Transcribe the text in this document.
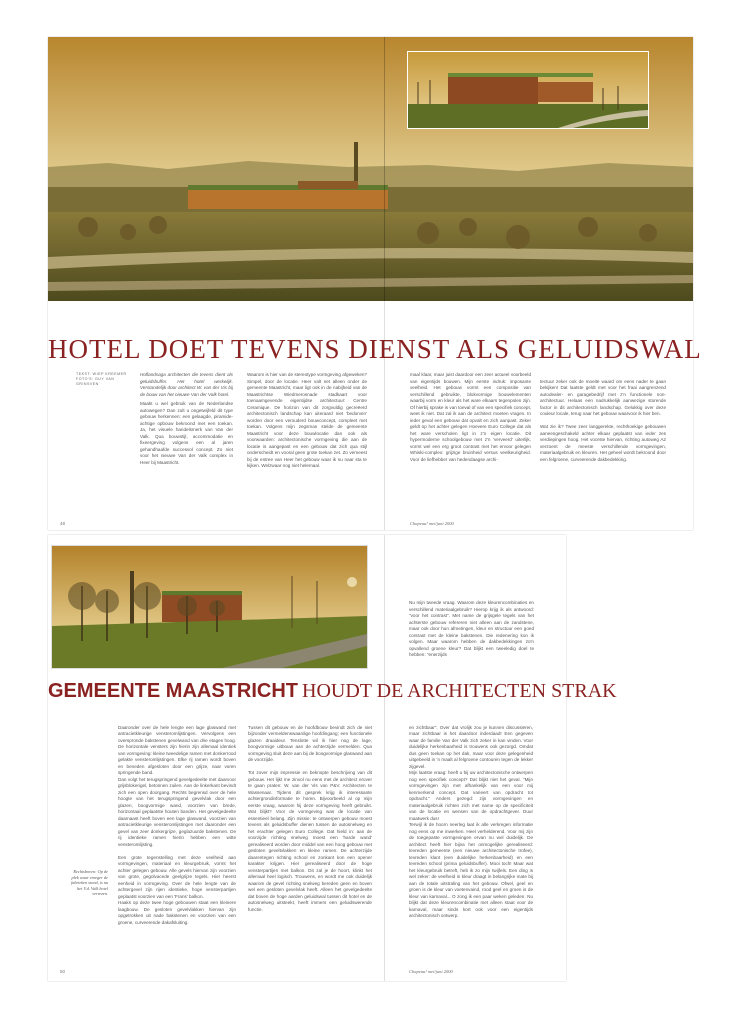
HOTEL DOET TEVENS DIENST ALS GELUIDSWAL
TEKST: WIEP KREEMER
FOTO'S: GUY VAN GRINSVEN

Hoflandsaga architecten die tevens dient als geluidsbuffer. Het hotel werkelijk. Verstandelijk door architect W. van der Vis bij de bouw van het nieuwe Van der Valk hotel.

Maakt u wel gebruik van de Nederlandse autowegen? Dan zult u ongetwijfeld dit type gebouw herkennen: een gelaagde, piramide-achtige opbouw bekroond met een toekan. Ja, het visuele handelsmerk van Van der Valk. Qua bouwstijl, accommodatie en fixeergeving volgens een al jaren gehandhaafde succesvol concept. Zo niet voor het nieuwe Van der Valk complex in Heer bij Maastricht.

Waarom is hier van de stereotype vormgeving afgeweken? Simpel, door de locatie. Heer valt net alleen onder de gemeente Maastricht, maar ligt ook in de nabijheid van de Maastrichtse Wiedmerosnade stadkaart voor toenaamgevende eigentijdse architectuur: Centre Ceramique. De horizon van dit zorgvuldig gecreëerd architectonisch landschap kan uiteraard niet 'bedorven' worden door een verouderd bouwconcept, compleet met toekan. Volgens mijn zegsman stelde de gemeente Maastricht voor deze bouwlocatie dan ook als voorwaarden: architectonische vormgeving die aan de locatie is aangepast en een gebouw dat zich qua stijl onderscheidt en vooral geen grote toekan zet. Zo verneest bij de entree van Heer het gebouw waar ik nu naar sta te kijken. Welzwaar nog niet helemaal.

maal klaar, maar juist daardoor een zeer actueel voorbeeld van eigentijds bouwen. Mijn eerste indruk: imposante veelheid. Het gebouw vormt een compositie van verschillend gebruikte, blokvormige bouwelementen waarbij vorm en kleur als het ware elkaars tegenpolen zijn. Of hierbij sprake is van toeval of van een specifiek concept, weet ik niet. Dat zal ik aan de architect moeten vragen. In ieder geval een gebouw dat opvalt en zich aanpast. Zeker geldt op het achter gelegen Hoevere Euro College dat als het ware verscholen ligt in z'n eigen locatie. Dit hypermoderne schoolgebouw met z'n 'verveerd' uiterlijk, vormt wel een erg groot contrast met het ervoor gelegen Whiski-complex: grijzige bruinheid versus veelkeurigheid. Voor de liefhebber van hedendaagse archi-

tectuur zeker ook de moeite waard om eens nader te gaan bekijken! Dat laatste geldt met voor het fraai aangrenzend autodealer- en garagebedrijf met z'n functionele non-architectuur. Helaas een nadrukkelijk aanwezige storende factor in dit architectonisch landschap. Gelukkig over deze couleur locale, terug naar het gebouw waarvoor ik hier ben.

Wat zie ik? Twee zeer langgerekte, rechthoekige gebouwen aaneengeschakeld achter elkaar geplaatst van ieder zes verdiepingen hoog. Het voorste hiervan, richting autoweg A2 verzoent de meeste verschillende vormgevingen, materiaalgebruik en kleuren. Het geheel wordt bekroond door een felgroene, curveerende dakbedekking.

48	Chapeau! mei/juni 2000

Nu mijn tweede vraag. Waarom deze kleurencombinaties en verschillend materiaalgebruik? Hierop krijg ik als antwoord: "voor het contrast". Met name de grijsgele tegels van het achterste gebouw refereren niet alleen aan de zandstene, maar ook door hun afmetingen, kleur en structuur een goed contrast met de kleine bakstenen. Die redenering kon ik volgen. Maar waarom hebben de dakbedekkingen zo'n opvallend groene kleur? Dat blijkt een tweeledig doel te hebben: "enerzijds

GEMEENTE MAASTRICHT HOUDT DE ARCHITECTEN STRAK
Rechtsboven: Op de plek waar vroeger de fabrieken stond, is nu het V.d. Valk hotel verrezen.

Daaronder over de hele lengte een lage glaswand met antracietkleurige vensteromlijstingen. Vervolgens een overspronde bakstenen gevelwand van drie etages hoog. De horizontale vensters zijn hierin zijn allemaal identiek van vormgeving: kleine tweedelige ramen met donkerrood gelakte vensteromlijstingen. Elke rij ramen wordt boven en beneden afgesloten door een grijze, naar voren springende band.
Dan volgt het terugspringend gevelgedeelte met daarvoor grijsblokerigel, betonnen zuilen. Aan de linkerkant bevindt zich een open doorgang. Rechts begrensd over de hele hoogte van het terugspringend gevelvlak door een glazen, boogvormige wand, voorzien van brede, horizontaal geplaatste houten banden. Het gevelgedeelte daarnaast heeft boven een lage glaswand, voorzien van antracietkleurige vensteromlijstingen met daaronder een gevel van zeer donkergrijze, geglazuurde bakstenen. De rij identieke ramen hierin hebben een witte vensteromlijsting.

Een grote tegenstelling met deze veelheid aan vormgevingen, materiaal en kleurgebruik, vormt het achter gelegen gebouw. Alle gevels hiervan zijn voorzien van grote, gegolvacede geelgrijze tegels. Hier heerst eenheid in vormgeving. Over de hele lengte van de achtergevel zijn rijen identieke, hoge vensterpartijen geplaatst voorzien van een 'Frans' balkon.
Haaks op deze twee hoge gebouwen staat een kleinere laagbouw. De gesloten gevelvlakken hiervan zijn opgetrokken uit nade bakstenen en voorzien van een groene, curveerende dakafsluiting.

Tussen dit gebouw en de hoofdbouw bevindt zich de niet bijzonder vermeldenswaardige hoofdingang; een functionele glazen draaideur. Tenslotte wil ik hier nog de lage, boogvormige uitbouw aan de achterzijde vermelden. Qua vormgeving sluit deze aan bij de boogvormige glaswand aan de voorzijde.

Tot zover mijn impressie en beknopte beschrijving van dit gebouw. Het lijkt me zinvol nu eens met de architect erover te gaan praten: W. van der Vis van P&V. Architecten te Wassenaar. Tijdens dit gesprek krijg ik interessante achtergrondinformatie te horen. Bijvoorbeeld al op mijn eerste vraag, waarom hij deze vormgeving heeft gebruikt. Wat blijkt? Voor de vormgeving was de locatie van essentieel belang. Zijn missie: te ontwerpen gebouw moest tevens als geluidsbuffer dienen tussen de autosnelweg en het erachter gelegen Euro College. Dat hield in: aan de voorzijde richting snelweg moest een 'harde wand' gerealiseerd worden door middel van een hoog gebouw met gesloten geveltvlakken en kleine ramen. De achterzijde daarentegen richting school en zonkant kon een opener karakter krijgen. Hier gerealiseerd door de hoge vensterpartijen met balkon. Dit zal je de hoort, klinkt het allemaal heel logisch. Trouwens, en wordt me ook duidelijk waarom de gevel richting snelweg bereden geen en boven wel een gesloten gevelvlak heeft. Alleen het gevelgedeelte dat boven de hoge aarden geluidswal tussen dit hotel en de autosnelweg uitsteekt, heeft immers een geluidswerende functie.

en zichtbaar". Over dat vrolijk zou je kunnen discussiëren, maar zichtbaar is het daardoor inderdaad! Een gegeven waar de familie Van der Valk zich zeker in kan vinden. Voor duidelijke herkenbaarheid is trouwens ook gezorgd. Omdat dus geen toekan op het dak, maar voor deze gelegenheid uitgebeeld in 'n maalt al felgroene contouren tegen de lekker zijgevel.
Mijn laatste vraag: heeft u bij uw architectonische ontwerpen nog een specifiek concept? Dat blijkt niet het geval. "Mijn vormgevingen zijn met afhankelijk van een voor mij kenmerkend concept. Dat varieert van opdracht tot opdracht." Anders gezegd: zijn vormgevingen en materiaalgebruik richten zich met name op de specificiteit van de locatie en wensen van de opdrachtgever. Duur maatwerk dus!
Terwijl ik de hoorn neerleg laat ik alle verkregen informatie nog eens op me inwerken. Heel verhelderend. Voor mij zijn de toegepaste vormgevingen ervan nu wel duidelijk. De architect heeft hier bijna het onmogelijke gerealiseerd: tevreden gemeente (een nieuwe architectonische trofee), tevreden klant (een duidelijke herkenbaarheid) en een tevreden school (prima geluidsbuffer). Mooi toch! Maar wat het kleurgebruik betreft, heb ik zo mijn twijfels. Een ding is wel zeker: de veelheid in kleur draagt in belangrijke mate bij aan de totale uitstraling van het gebouw. Ofwel, geel en groen is de kleur van voetenvaind, rood geel en groen is de kleur van karnaval... O zong ik een paar weken geleden. Nu blijkt dat deze kleurencombinatie met alleen staat voor de karnaval, maar sinds kort ook voor een eigentijds architectonisch ontwerp.

50	Chapeau! mei/juni 2000
